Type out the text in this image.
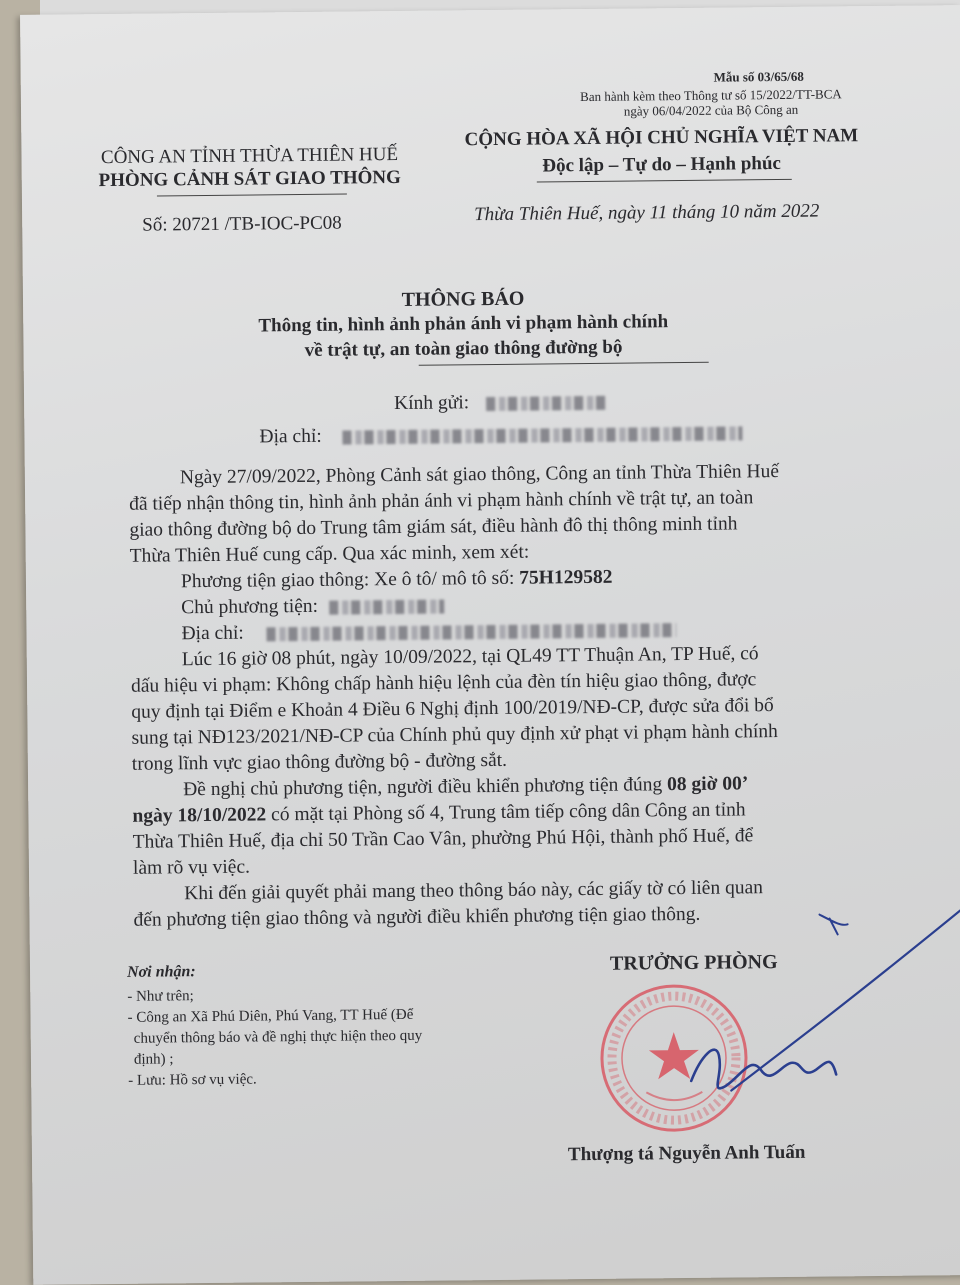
Mẫu số 03/65/68
Ban hành kèm theo Thông tư số 15/2022/TT-BCA
ngày 06/04/2022 của Bộ Công an
CÔNG AN TỈNH THỪA THIÊN HUẾ
PHÒNG CẢNH SÁT GIAO THÔNG
CỘNG HÒA XÃ HỘI CHỦ NGHĨA VIỆT NAM
Độc lập – Tự do – Hạnh phúc
Số: 20721 /TB-IOC-PC08	Thừa Thiên Huế, ngày 11 tháng 10 năm 2022
THÔNG BÁO
Thông tin, hình ảnh phản ánh vi phạm hành chính
về trật tự, an toàn giao thông đường bộ
Kính gửi:
Địa chỉ:
Ngày 27/09/2022, Phòng Cảnh sát giao thông, Công an tỉnh Thừa Thiên Huế
đã tiếp nhận thông tin, hình ảnh phản ánh vi phạm hành chính về trật tự, an toàn
giao thông đường bộ do Trung tâm giám sát, điều hành đô thị thông minh tỉnh
Thừa Thiên Huế cung cấp. Qua xác minh, xem xét:
Phương tiện giao thông: Xe ô tô/ mô tô số: 75H129582
Chủ phương tiện:
Địa chỉ:
Lúc 16 giờ 08 phút, ngày 10/09/2022, tại QL49 TT Thuận An, TP Huế, có
dấu hiệu vi phạm: Không chấp hành hiệu lệnh của đèn tín hiệu giao thông, được
quy định tại Điểm e Khoản 4 Điều 6 Nghị định 100/2019/NĐ-CP, được sửa đổi bổ
sung tại NĐ123/2021/NĐ-CP của Chính phủ quy định xử phạt vi phạm hành chính
trong lĩnh vực giao thông đường bộ - đường sắt.
Đề nghị chủ phương tiện, người điều khiển phương tiện đúng 08 giờ 00’
ngày 18/10/2022 có mặt tại Phòng số 4, Trung tâm tiếp công dân Công an tỉnh
Thừa Thiên Huế, địa chỉ 50 Trần Cao Vân, phường Phú Hội, thành phố Huế, để
làm rõ vụ việc.
Khi đến giải quyết phải mang theo thông báo này, các giấy tờ có liên quan
đến phương tiện giao thông và người điều khiển phương tiện giao thông.
Nơi nhận:
- Như trên;
- Công an Xã Phú Diên, Phú Vang, TT Huế (Để
chuyển thông báo và đề nghị thực hiện theo quy
định) ;
- Lưu: Hồ sơ vụ việc.
TRƯỞNG PHÒNG
Thượng tá Nguyễn Anh Tuấn
